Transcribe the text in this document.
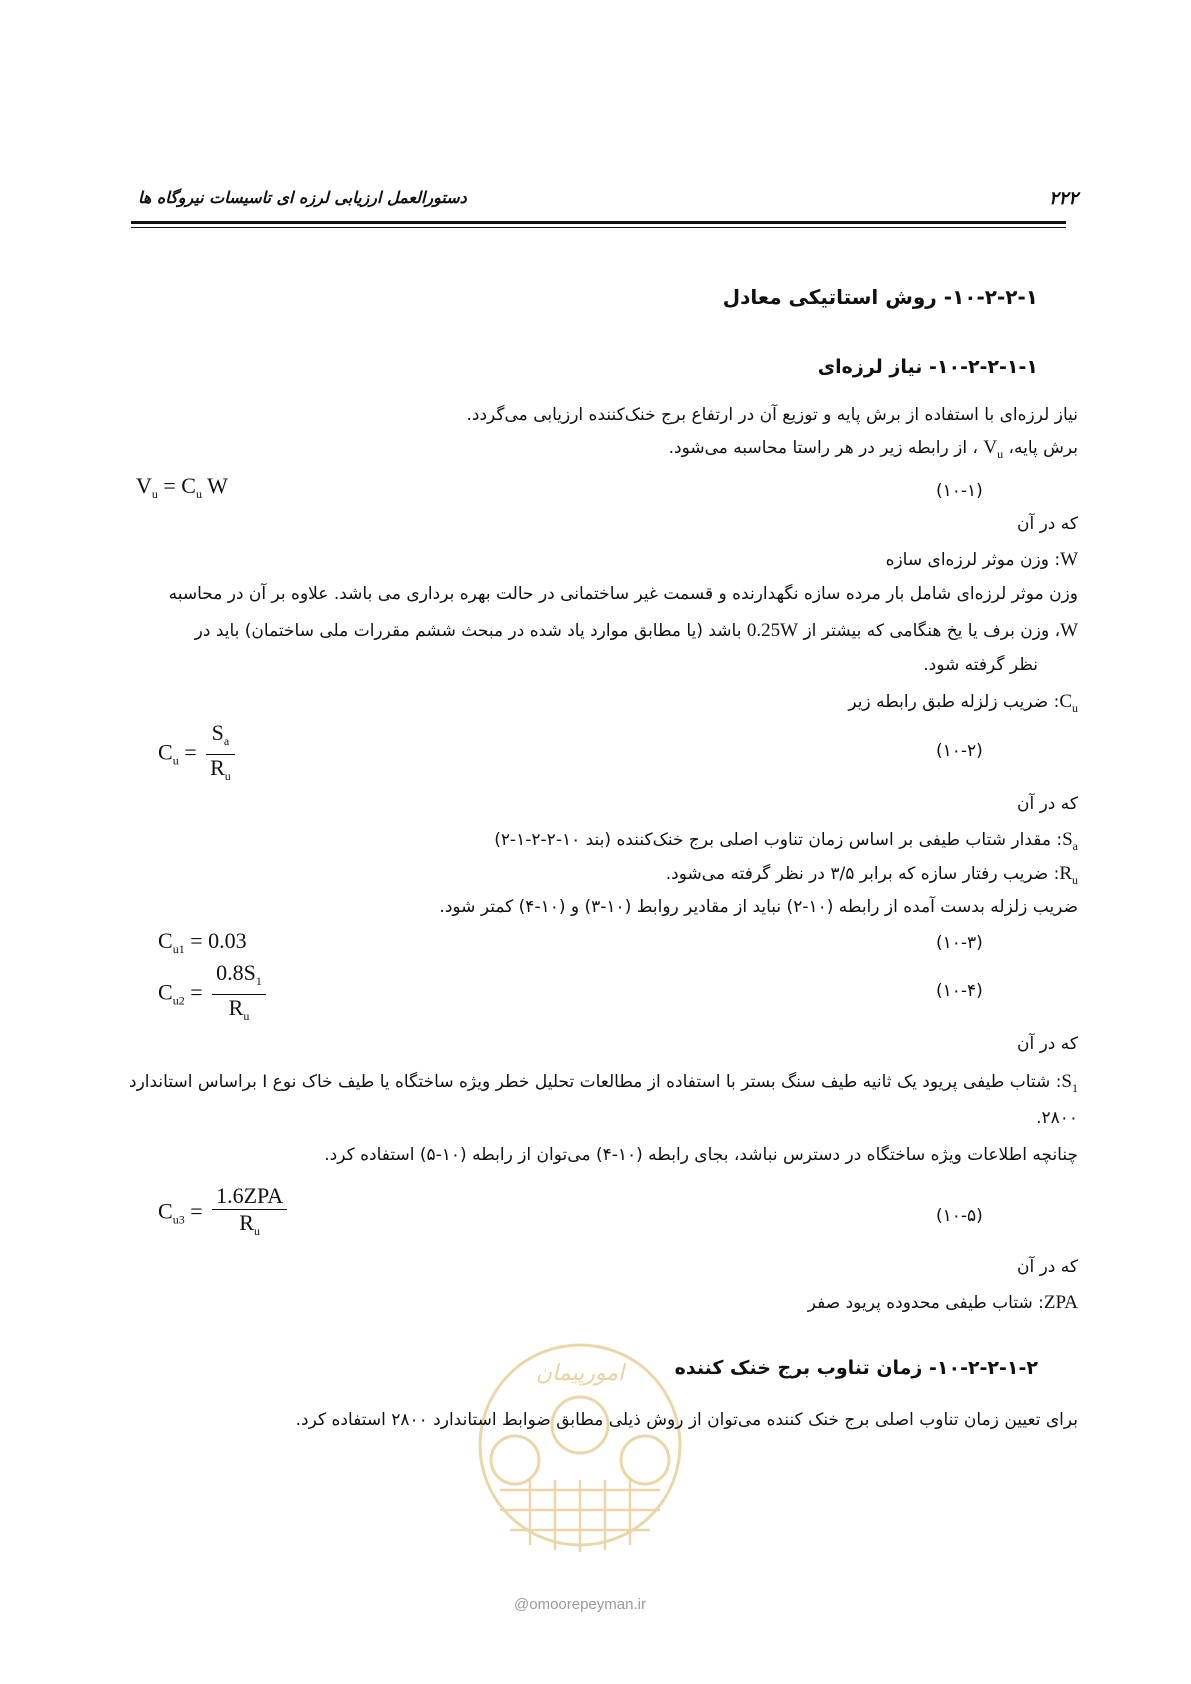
۲۲۲
دستورالعمل ارزیابی لرزه ای تاسیسات نیروگاه ها
۱۰-۲-۲-۱- روش استاتیکی معادل
۱۰-۲-۲-۱-۱- نیاز لرزه‌ای
نیاز لرزه‌ای با استفاده از برش پایه و توزیع آن در ارتفاع برج خنک‌کننده ارزیابی می‌گردد.
برش پایه، $V_u$ ، از رابطه زیر در هر راستا محاسبه می‌شود.
$V_u = C_u$ W	(۱۰-۱)
که در آن
W: وزن موثر لرزه‌ای سازه
وزن موثر لرزه‌ای شامل بار مرده سازه نگهدارنده و قسمت غیر ساختمانی در حالت بهره برداری می باشد. علاوه بر آن در محاسبه
W، وزن برف یا یخ هنگامی که بیشتر از 0.25W باشد (یا مطابق موارد یاد شده در مبحث ششم مقررات ملی ساختمان) باید در
نظر گرفته شود.
$C_u$: ضریب زلزله طبق رابطه زیر
$C_u = \frac{S_a}{R_u}$	(۱۰-۲)
که در آن
$S_a$: مقدار شتاب طیفی بر اساس زمان تناوب اصلی برج خنک‌کننده (بند ۱۰-۲-۲-۱-۲)
$R_u$: ضریب رفتار سازه که برابر ۳/۵ در نظر گرفته می‌شود.
ضریب زلزله بدست آمده از رابطه (۱۰-۲) نباید از مقادیر روابط (۱۰-۳) و (۱۰-۴) کمتر شود.
$C_{u1} = 0.03$	(۱۰-۳)
$C_{u2} = \frac{0.8S_1}{R_u}$	(۱۰-۴)
که در آن
$S_1$: شتاب طیفی پریود یک ثانیه طیف سنگ بستر با استفاده از مطالعات تحلیل خطر ویژه ساختگاه یا طیف خاک نوع I براساس استاندارد
۲۸۰۰.
چنانچه اطلاعات ویژه ساختگاه در دسترس نباشد، بجای رابطه (۱۰-۴) می‌توان از رابطه (۱۰-۵) استفاده کرد.
$C_{u3} = \frac{\text{1.6ZPA}}{R_u}$	(۱۰-۵)
که در آن
ZPA: شتاب طیفی محدوده پریود صفر
امورپیمان	۱۰-۲-۲-۱-۲- زمان تناوب برج خنک کننده
برای تعیین زمان تناوب اصلی برج خنک کننده می‌توان از روش ذیلی مطابق ضوابط استاندارد ۲۸۰۰ استفاده کرد.
@omoorepeyman.ir
